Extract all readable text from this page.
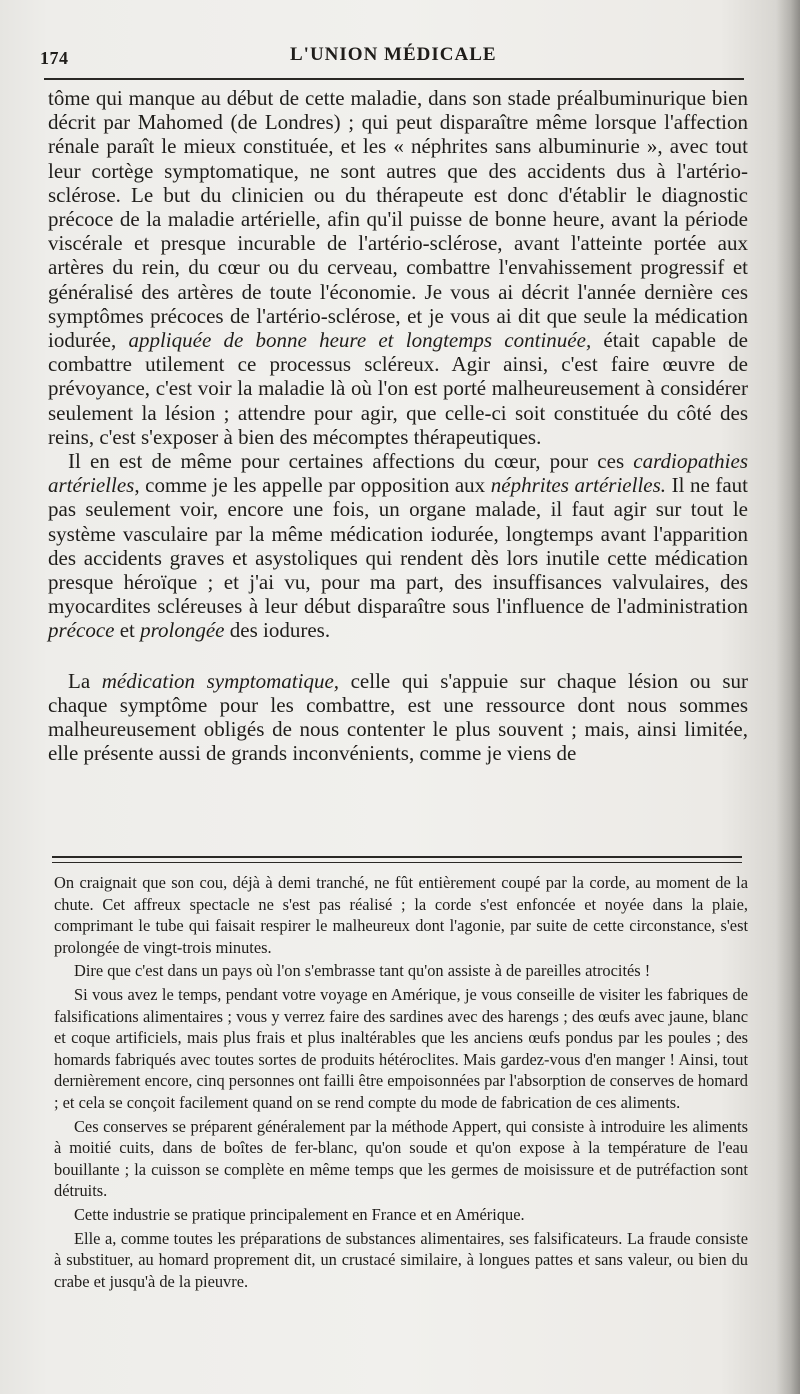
174	L'UNION MÉDICALE

tôme qui manque au début de cette maladie, dans son stade préalbuminurique bien décrit par Mahomed (de Londres) ; qui peut disparaître même lorsque l'affection rénale paraît le mieux constituée, et les « néphrites sans albuminurie », avec tout leur cortège symptomatique, ne sont autres que des accidents dus à l'artério-sclérose. Le but du clinicien ou du thérapeute est donc d'établir le diagnostic précoce de la maladie artérielle, afin qu'il puisse de bonne heure, avant la période viscérale et presque incurable de l'artério-sclérose, avant l'atteinte portée aux artères du rein, du cœur ou du cerveau, combattre l'envahissement progressif et généralisé des artères de toute l'économie. Je vous ai décrit l'année dernière ces symptômes précoces de l'artério-sclérose, et je vous ai dit que seule la médication iodurée, appliquée de bonne heure et longtemps continuée, était capable de combattre utilement ce processus scléreux. Agir ainsi, c'est faire œuvre de prévoyance, c'est voir la maladie là où l'on est porté malheureusement à considérer seulement la lésion ; attendre pour agir, que celle-ci soit constituée du côté des reins, c'est s'exposer à bien des mécomptes thérapeutiques.

Il en est de même pour certaines affections du cœur, pour ces cardiopathies artérielles, comme je les appelle par opposition aux néphrites artérielles. Il ne faut pas seulement voir, encore une fois, un organe malade, il faut agir sur tout le système vasculaire par la même médication iodurée, longtemps avant l'apparition des accidents graves et asystoliques qui rendent dès lors inutile cette médication presque héroïque ; et j'ai vu, pour ma part, des insuffisances valvulaires, des myocardites scléreuses à leur début disparaître sous l'influence de l'administration précoce et prolongée des iodures.

La médication symptomatique, celle qui s'appuie sur chaque lésion ou sur chaque symptôme pour les combattre, est une ressource dont nous sommes malheureusement obligés de nous contenter le plus souvent ; mais, ainsi limitée, elle présente aussi de grands inconvénients, comme je viens de

On craignait que son cou, déjà à demi tranché, ne fût entièrement coupé par la corde, au moment de la chute. Cet affreux spectacle ne s'est pas réalisé ; la corde s'est enfoncée et noyée dans la plaie, comprimant le tube qui faisait respirer le malheureux dont l'agonie, par suite de cette circonstance, s'est prolongée de vingt-trois minutes.

Dire que c'est dans un pays où l'on s'embrasse tant qu'on assiste à de pareilles atrocités !

Si vous avez le temps, pendant votre voyage en Amérique, je vous conseille de visiter les fabriques de falsifications alimentaires ; vous y verrez faire des sardines avec des harengs ; des œufs avec jaune, blanc et coque artificiels, mais plus frais et plus inaltérables que les anciens œufs pondus par les poules ; des homards fabriqués avec toutes sortes de produits hétéroclites. Mais gardez-vous d'en manger ! Ainsi, tout dernièrement encore, cinq personnes ont failli être empoisonnées par l'absorption de conserves de homard ; et cela se conçoit facilement quand on se rend compte du mode de fabrication de ces aliments.

Ces conserves se préparent généralement par la méthode Appert, qui consiste à introduire les aliments à moitié cuits, dans de boîtes de fer-blanc, qu'on soude et qu'on expose à la température de l'eau bouillante ; la cuisson se complète en même temps que les germes de moisissure et de putréfaction sont détruits.

Cette industrie se pratique principalement en France et en Amérique.

Elle a, comme toutes les préparations de substances alimentaires, ses falsificateurs. La fraude consiste à substituer, au homard proprement dit, un crustacé similaire, à longues pattes et sans valeur, ou bien du crabe et jusqu'à de la pieuvre.
